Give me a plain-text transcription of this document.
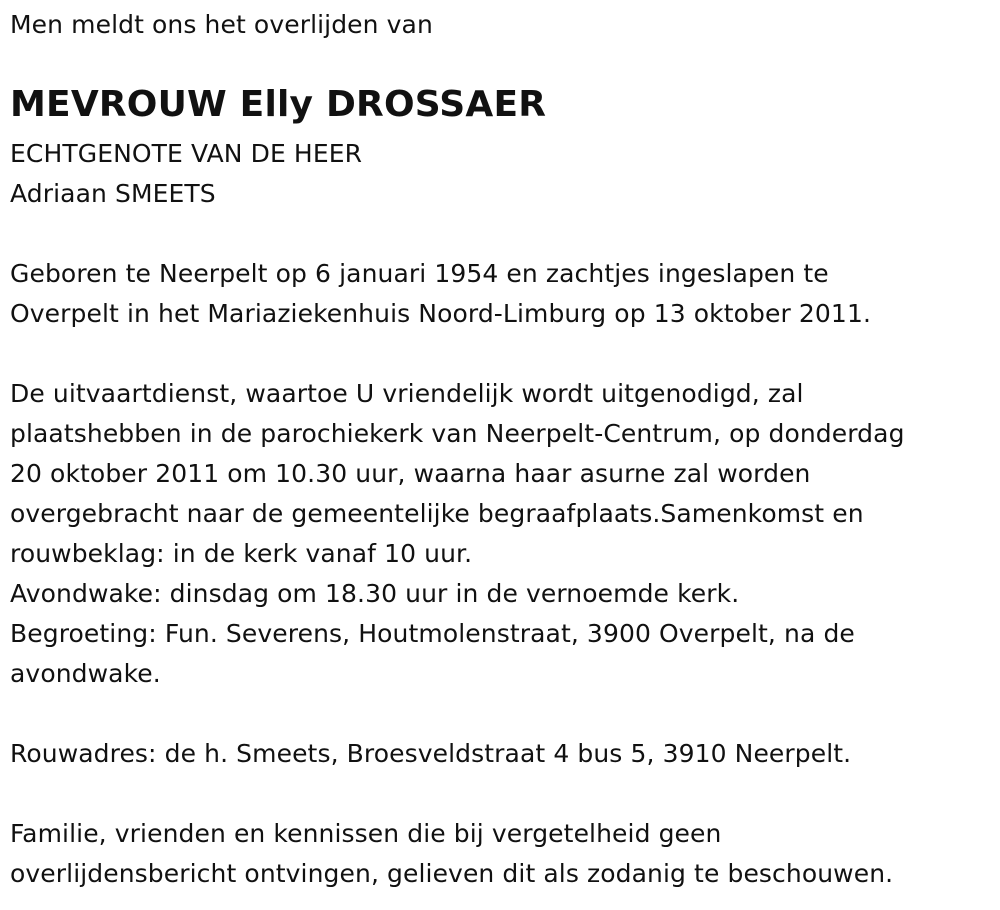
Men meldt ons het overlijden van
MEVROUW Elly DROSSAER
ECHTGENOTE VAN DE HEER
Adriaan SMEETS
Geboren te Neerpelt op 6 januari 1954 en zachtjes ingeslapen te
Overpelt in het Mariaziekenhuis Noord-Limburg op 13 oktober 2011.
De uitvaartdienst, waartoe U vriendelijk wordt uitgenodigd, zal
plaatshebben in de parochiekerk van Neerpelt-Centrum, op donderdag
20 oktober 2011 om 10.30 uur, waarna haar asurne zal worden
overgebracht naar de gemeentelijke begraafplaats.Samenkomst en
rouwbeklag: in de kerk vanaf 10 uur.
Avondwake: dinsdag om 18.30 uur in de vernoemde kerk.
Begroeting: Fun. Severens, Houtmolenstraat, 3900 Overpelt, na de
avondwake.
Rouwadres: de h. Smeets, Broesveldstraat 4 bus 5, 3910 Neerpelt.
Familie, vrienden en kennissen die bij vergetelheid geen
overlijdensbericht ontvingen, gelieven dit als zodanig te beschouwen.
